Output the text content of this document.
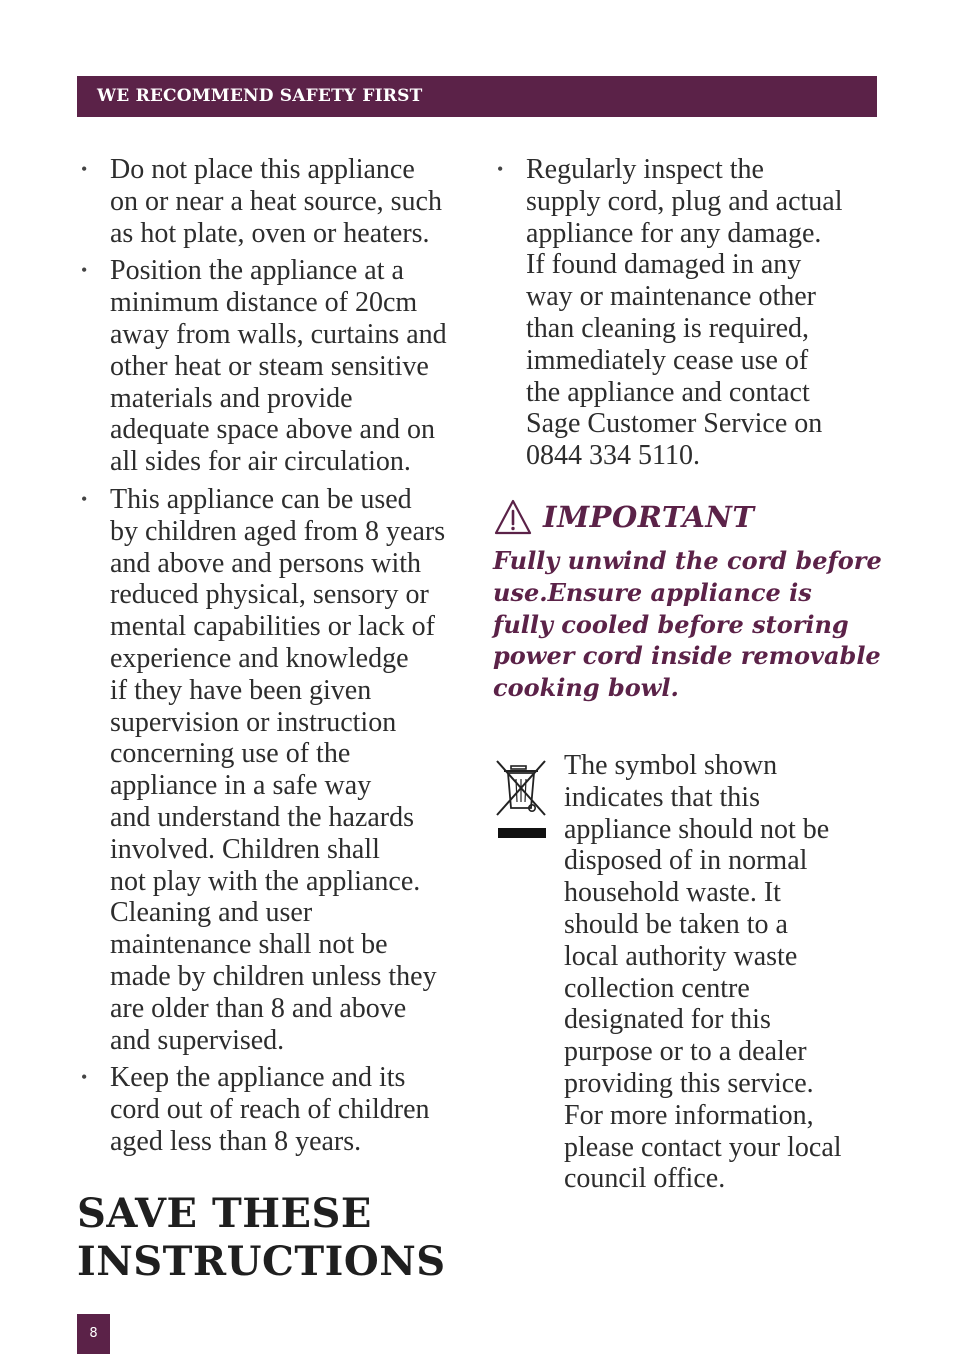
WE RECOMMEND SAFETY FIRST
• Do not place this appliance
on or near a heat source, such
as hot plate, oven or heaters.
• Position the appliance at a
minimum distance of 20cm
away from walls, curtains and
other heat or steam sensitive
materials and provide
adequate space above and on
all sides for air circulation.
• This appliance can be used
by children aged from 8 years
and above and persons with
reduced physical, sensory or
mental capabilities or lack of
experience and knowledge
if they have been given
supervision or instruction
concerning use of the
appliance in a safe way
and understand the hazards
involved. Children shall
not play with the appliance.
Cleaning and user
maintenance shall not be
made by children unless they
are older than 8 and above
and supervised.
• Keep the appliance and its
cord out of reach of children
aged less than 8 years.
• Regularly inspect the
supply cord, plug and actual
appliance for any damage.
If found damaged in any
way or maintenance other
than cleaning is required,
immediately cease use of
the appliance and contact
Sage Customer Service on
0844 334 5110.
IMPORTANT
Fully unwind the cord before
use.Ensure appliance is
fully cooled before storing
power cord inside removable
cooking bowl.
The symbol shown
indicates that this
appliance should not be
disposed of in normal
household waste. It
should be taken to a
local authority waste
collection centre
designated for this
purpose or to a dealer
providing this service.
For more information,
please contact your local
council office.
SAVE THESE
INSTRUCTIONS
8
